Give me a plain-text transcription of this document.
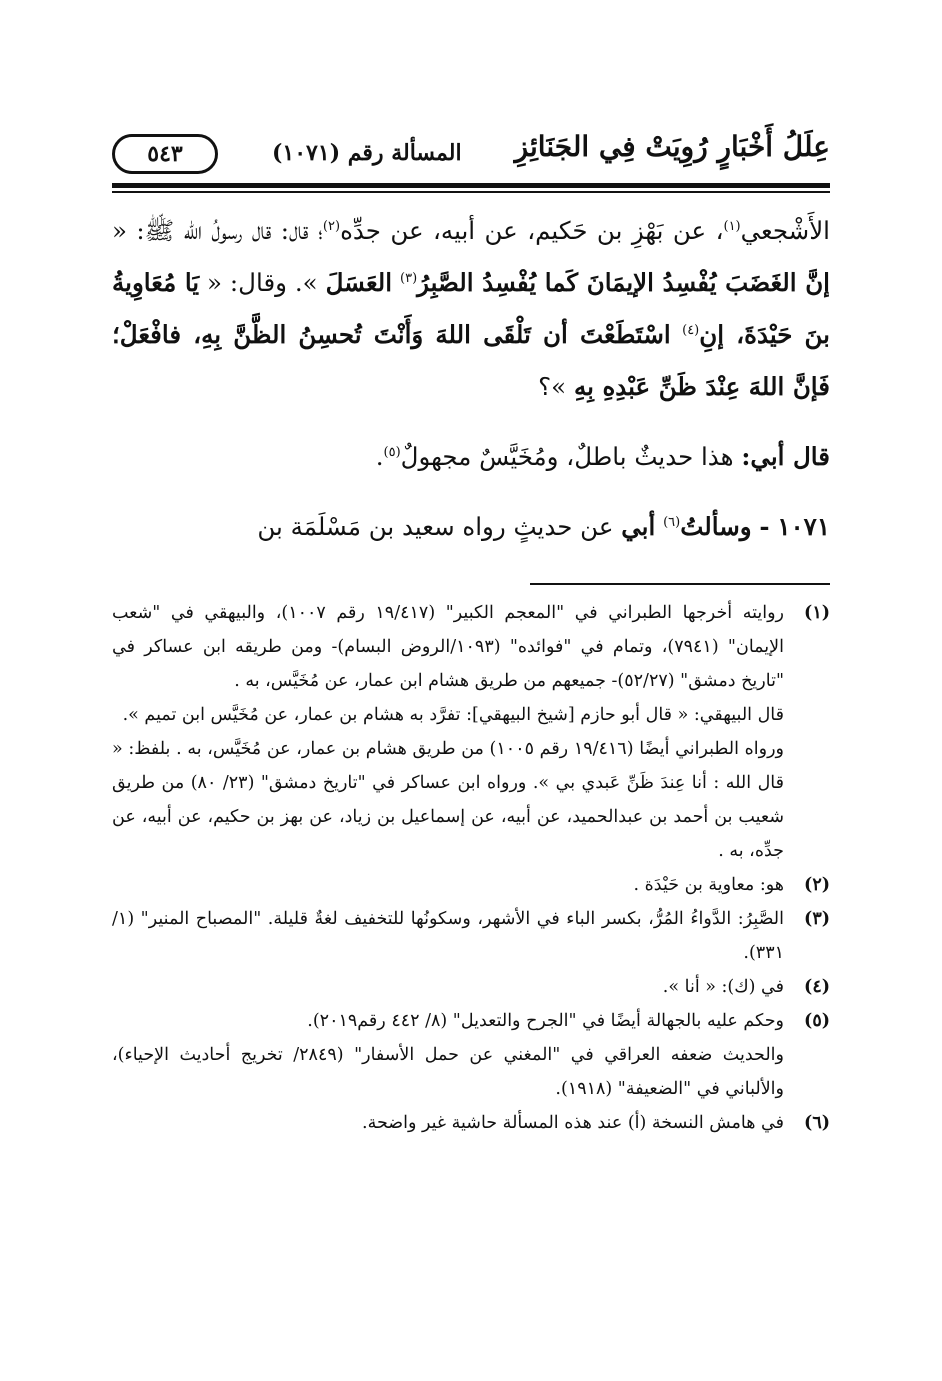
عِلَلُ أَخْبَارٍ رُوِيَتْ فِي الجَنَائِزِ
المسألة رقم (١٠٧١)
٥٤٣

الأَشْجعي$^{(١)}$، عن بَهْزِ بن حَكيم، عن أبيه، عن جدِّه$^{(٢)}$؛ قال: قال رسولُ الله ﷺ: « إنَّ الغَضَبَ يُفْسِدُ الإيمَانَ كَما يُفْسِدُ الصَّبِرُ$^{(٣)}$ العَسَلَ ». وقال: « يَا مُعَاوِيةُ بنَ حَيْدَةَ، إنِ$^{(٤)}$ اسْتَطَعْتَ أن تَلْقَى اللهَ وَأَنْتَ تُحسِنُ الظَّنَّ بِهِ، فافْعَلْ؛ فَإنَّ اللهَ عِنْدَ ظَنِّ عَبْدِهِ بِهِ »؟

قال أبي: هذا حديثٌ باطلٌ، ومُخَيَّسٌ مجهولٌ$^{(٥)}$.

١٠٧١ - وسألتُ$^{(٦)}$ أبي عن حديثٍ رواه سعيد بن مَسْلَمَة بن

(١)

روايته أخرجها الطبراني في "المعجم الكبير" (١٩/٤١٧ رقم ١٠٠٧)، والبيهقي في "شعب الإيمان" (٧٩٤١)، وتمام في "فوائده" (١٠٩٣/الروض البسام)- ومن طريقه ابن عساكر في "تاريخ دمشق" (٥٢/٢٧)- جميعهم من طريق هشام ابن عمار، عن مُخَيَّس، به .

قال البيهقي: « قال أبو حازم [شيخ البيهقي]: تفرَّد به هشام بن عمار، عن مُخَيَّس ابن تميم ».

ورواه الطبراني أيضًا (١٩/٤١٦ رقم ١٠٠٥) من طريق هشام بن عمار، عن مُخَيَّس، به . بلفظ: « قال الله : أنا عِندَ ظَنِّ عَبدي بي ». ورواه ابن عساكر في "تاريخ دمشق" (٢٣/ ٨٠) من طريق شعيب بن أحمد بن عبدالحميد، عن أبيه، عن إسماعيل بن زياد، عن بهز بن حكيم، عن أبيه، عن جدِّه، به .

(٢)

هو: معاوية بن حَيْدَة .

(٣)

الصَّبِرُ: الدَّواءُ المُرُّ، بكسر الباء في الأشهر، وسكونُها للتخفيف لغةٌ قليلة. "المصباح المنير" (١/ ٣٣١).

(٤)

في (ك): « أنا ».

(٥)

وحكم عليه بالجهالة أيضًا في "الجرح والتعديل" (٨/ ٤٤٢ رقم٢٠١٩).

والحديث ضعفه العراقي في "المغني عن حمل الأسفار" (٢٨٤٩/ تخريج أحاديث الإحياء)، والألباني في "الضعيفة" (١٩١٨).

(٦)

في هامش النسخة (أ) عند هذه المسألة حاشية غير واضحة.
